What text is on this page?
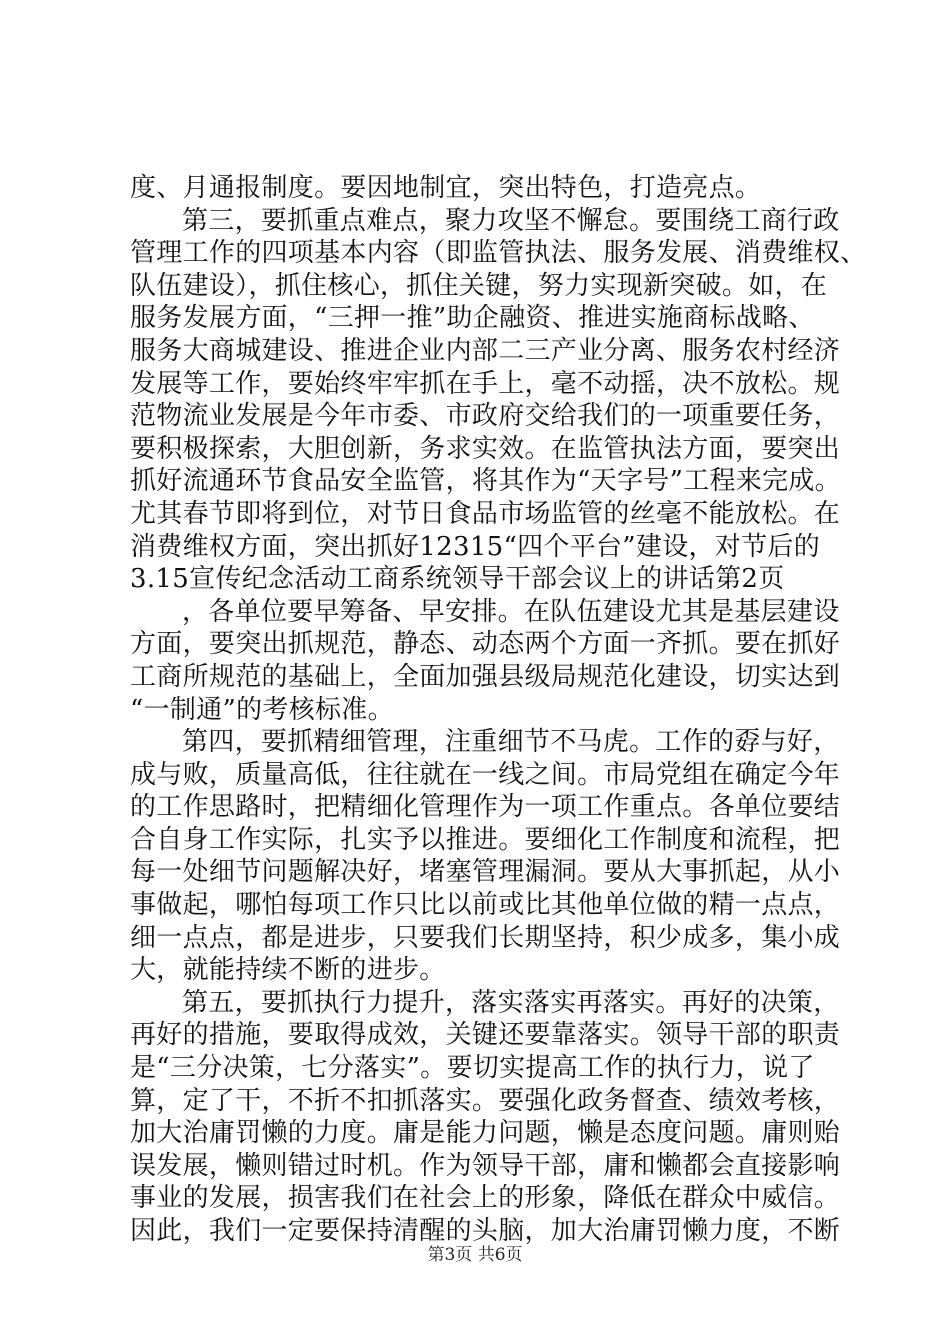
度、月通报制度。要因地制宜，突出特色，打造亮点。
第三，要抓重点难点，聚力攻坚不懈怠。要围绕工商行政
管理工作的四项基本内容（即监管执法、服务发展、消费维权、
队伍建设），抓住核心，抓住关键，努力实现新突破。如，在
服务发展方面，“三押一推”助企融资、推进实施商标战略、
服务大商城建设、推进企业内部二三产业分离、服务农村经济
发展等工作，要始终牢牢抓在手上，毫不动摇，决不放松。规
范物流业发展是今年市委、市政府交给我们的一项重要任务，
要积极探索，大胆创新，务求实效。在监管执法方面，要突出
抓好流通环节食品安全监管，将其作为“天字号”工程来完成。
尤其春节即将到位，对节日食品市场监管的丝毫不能放松。在
消费维权方面，突出抓好12315“四个平台”建设，对节后的
3.15宣传纪念活动工商系统领导干部会议上的讲话第2页
，各单位要早筹备、早安排。在队伍建设尤其是基层建设
方面，要突出抓规范，静态、动态两个方面一齐抓。要在抓好
工商所规范的基础上，全面加强县级局规范化建设，切实达到
“一制通”的考核标准。
第四，要抓精细管理，注重细节不马虎。工作的孬与好，
成与败，质量高低，往往就在一线之间。市局党组在确定今年
的工作思路时，把精细化管理作为一项工作重点。各单位要结
合自身工作实际，扎实予以推进。要细化工作制度和流程，把
每一处细节问题解决好，堵塞管理漏洞。要从大事抓起，从小
事做起，哪怕每项工作只比以前或比其他单位做的精一点点，
细一点点，都是进步，只要我们长期坚持，积少成多，集小成
大，就能持续不断的进步。
第五，要抓执行力提升，落实落实再落实。再好的决策，
再好的措施，要取得成效，关键还要靠落实。领导干部的职责
是“三分决策，七分落实”。要切实提高工作的执行力，说了
算，定了干，不折不扣抓落实。要强化政务督查、绩效考核，
加大治庸罚懒的力度。庸是能力问题，懒是态度问题。庸则贻
误发展，懒则错过时机。作为领导干部，庸和懒都会直接影响
事业的发展，损害我们在社会上的形象，降低在群众中威信。
因此，我们一定要保持清醒的头脑，加大治庸罚懒力度，不断
第3页 共6页
